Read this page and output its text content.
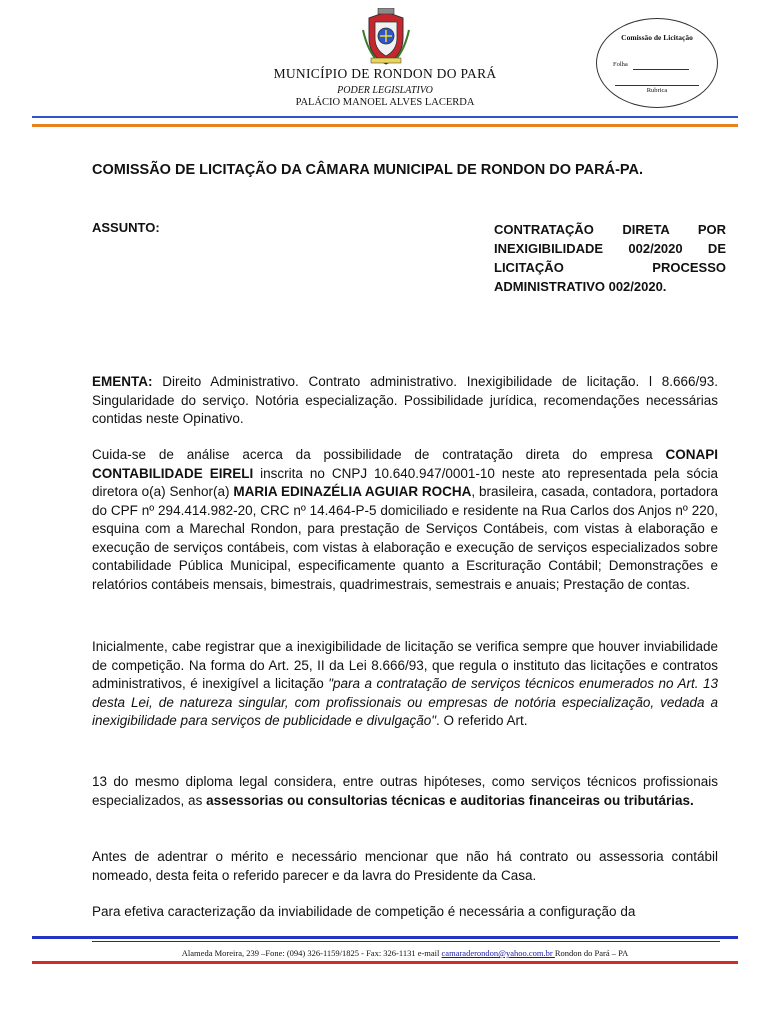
MUNICÍPIO DE RONDON DO PARÁ
PODER LEGISLATIVO
PALÁCIO MANOEL ALVES LACERDA
Comissão de Licitação
Folha
Rubrica
COMISSÃO DE LICITAÇÃO DA CÂMARA MUNICIPAL DE RONDON DO PARÁ-PA.
ASSUNTO:	CONTRATAÇÃO DIRETA POR INEXIGIBILIDADE 002/2020 DE LICITAÇÃO PROCESSO ADMINISTRATIVO 002/2020.
EMENTA: Direito Administrativo. Contrato administrativo. Inexigibilidade de licitação. l 8.666/93. Singularidade do serviço. Notória especialização. Possibilidade jurídica, recomendações necessárias contidas neste Opinativo.
Cuida-se de análise acerca da possibilidade de contratação direta do empresa CONAPI CONTABILIDADE EIRELI inscrita no CNPJ 10.640.947/0001-10 neste ato representada pela sócia diretora o(a) Senhor(a) MARIA EDINAZÉLIA AGUIAR ROCHA, brasileira, casada, contadora, portadora do CPF nº 294.414.982-20, CRC nº 14.464-P-5 domiciliado e residente na Rua Carlos dos Anjos nº 220, esquina com a Marechal Rondon, para prestação de Serviços Contábeis, com vistas à elaboração e execução de serviços contábeis, com vistas à elaboração e execução de serviços especializados sobre contabilidade Pública Municipal, especificamente quanto a Escrituração Contábil; Demonstrações e relatórios contábeis mensais, bimestrais, quadrimestrais, semestrais e anuais; Prestação de contas.
Inicialmente, cabe registrar que a inexigibilidade de licitação se verifica sempre que houver inviabilidade de competição. Na forma do Art. 25, II da Lei 8.666/93, que regula o instituto das licitações e contratos administrativos, é inexigível a licitação "para a contratação de serviços técnicos enumerados no Art. 13 desta Lei, de natureza singular, com profissionais ou empresas de notória especialização, vedada a inexigibilidade para serviços de publicidade e divulgação". O referido Art.
13 do mesmo diploma legal considera, entre outras hipóteses, como serviços técnicos profissionais especializados, as assessorias ou consultorias técnicas e auditorias financeiras ou tributárias.
Antes de adentrar o mérito e necessário mencionar que não há contrato ou assessoria contábil nomeado, desta feita o referido parecer e da lavra do Presidente da Casa.
Para efetiva caracterização da inviabilidade de competição é necessária a configuração da
Alameda Moreira, 239 –Fone: (094) 326-1159/1825 - Fax: 326-1131 e-mail camaraderondon@yahoo.com.br Rondon do Pará – PA
